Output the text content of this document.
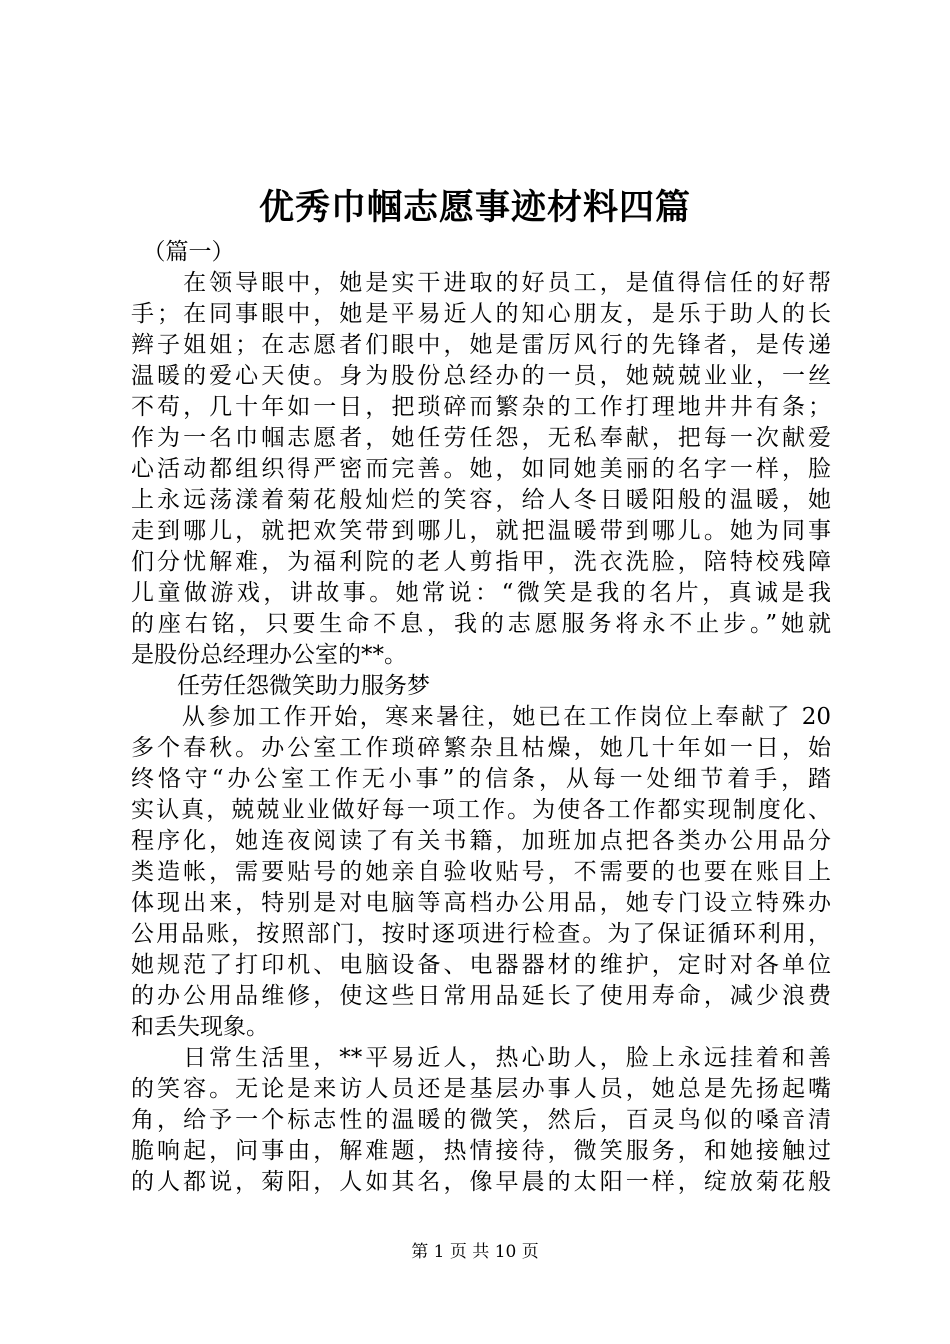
优秀巾帼志愿事迹材料四篇
　（篇一）
　　在领导眼中，她是实干进取的好员工，是值得信任的好帮
手；在同事眼中，她是平易近人的知心朋友，是乐于助人的长
辫子姐姐；在志愿者们眼中，她是雷厉风行的先锋者，是传递
温暖的爱心天使。身为股份总经办的一员，她兢兢业业，一丝
不苟，几十年如一日，把琐碎而繁杂的工作打理地井井有条；
作为一名巾帼志愿者，她任劳任怨，无私奉献，把每一次献爱
心活动都组织得严密而完善。她，如同她美丽的名字一样，脸
上永远荡漾着菊花般灿烂的笑容，给人冬日暖阳般的温暖，她
走到哪儿，就把欢笑带到哪儿，就把温暖带到哪儿。她为同事
们分忧解难，为福利院的老人剪指甲，洗衣洗脸，陪特校残障
儿童做游戏，讲故事。她常说：“微笑是我的名片，真诚是我
的座右铭，只要生命不息，我的志愿服务将永不止步。”她就
是股份总经理办公室的**。
　　任劳任怨微笑助力服务梦
　　从参加工作开始，寒来暑往，她已在工作岗位上奉献了 20
多个春秋。办公室工作琐碎繁杂且枯燥，她几十年如一日，始
终恪守“办公室工作无小事”的信条，从每一处细节着手，踏
实认真，兢兢业业做好每一项工作。为使各工作都实现制度化、
程序化，她连夜阅读了有关书籍，加班加点把各类办公用品分
类造帐，需要贴号的她亲自验收贴号，不需要的也要在账目上
体现出来，特别是对电脑等高档办公用品，她专门设立特殊办
公用品账，按照部门，按时逐项进行检查。为了保证循环利用，
她规范了打印机、电脑设备、电器器材的维护，定时对各单位
的办公用品维修，使这些日常用品延长了使用寿命，减少浪费
和丢失现象。
　　日常生活里，**平易近人，热心助人，脸上永远挂着和善
的笑容。无论是来访人员还是基层办事人员，她总是先扬起嘴
角，给予一个标志性的温暖的微笑，然后，百灵鸟似的嗓音清
脆响起，问事由，解难题，热情接待，微笑服务，和她接触过
的人都说，菊阳，人如其名，像早晨的太阳一样，绽放菊花般
第 1 页 共 10 页
